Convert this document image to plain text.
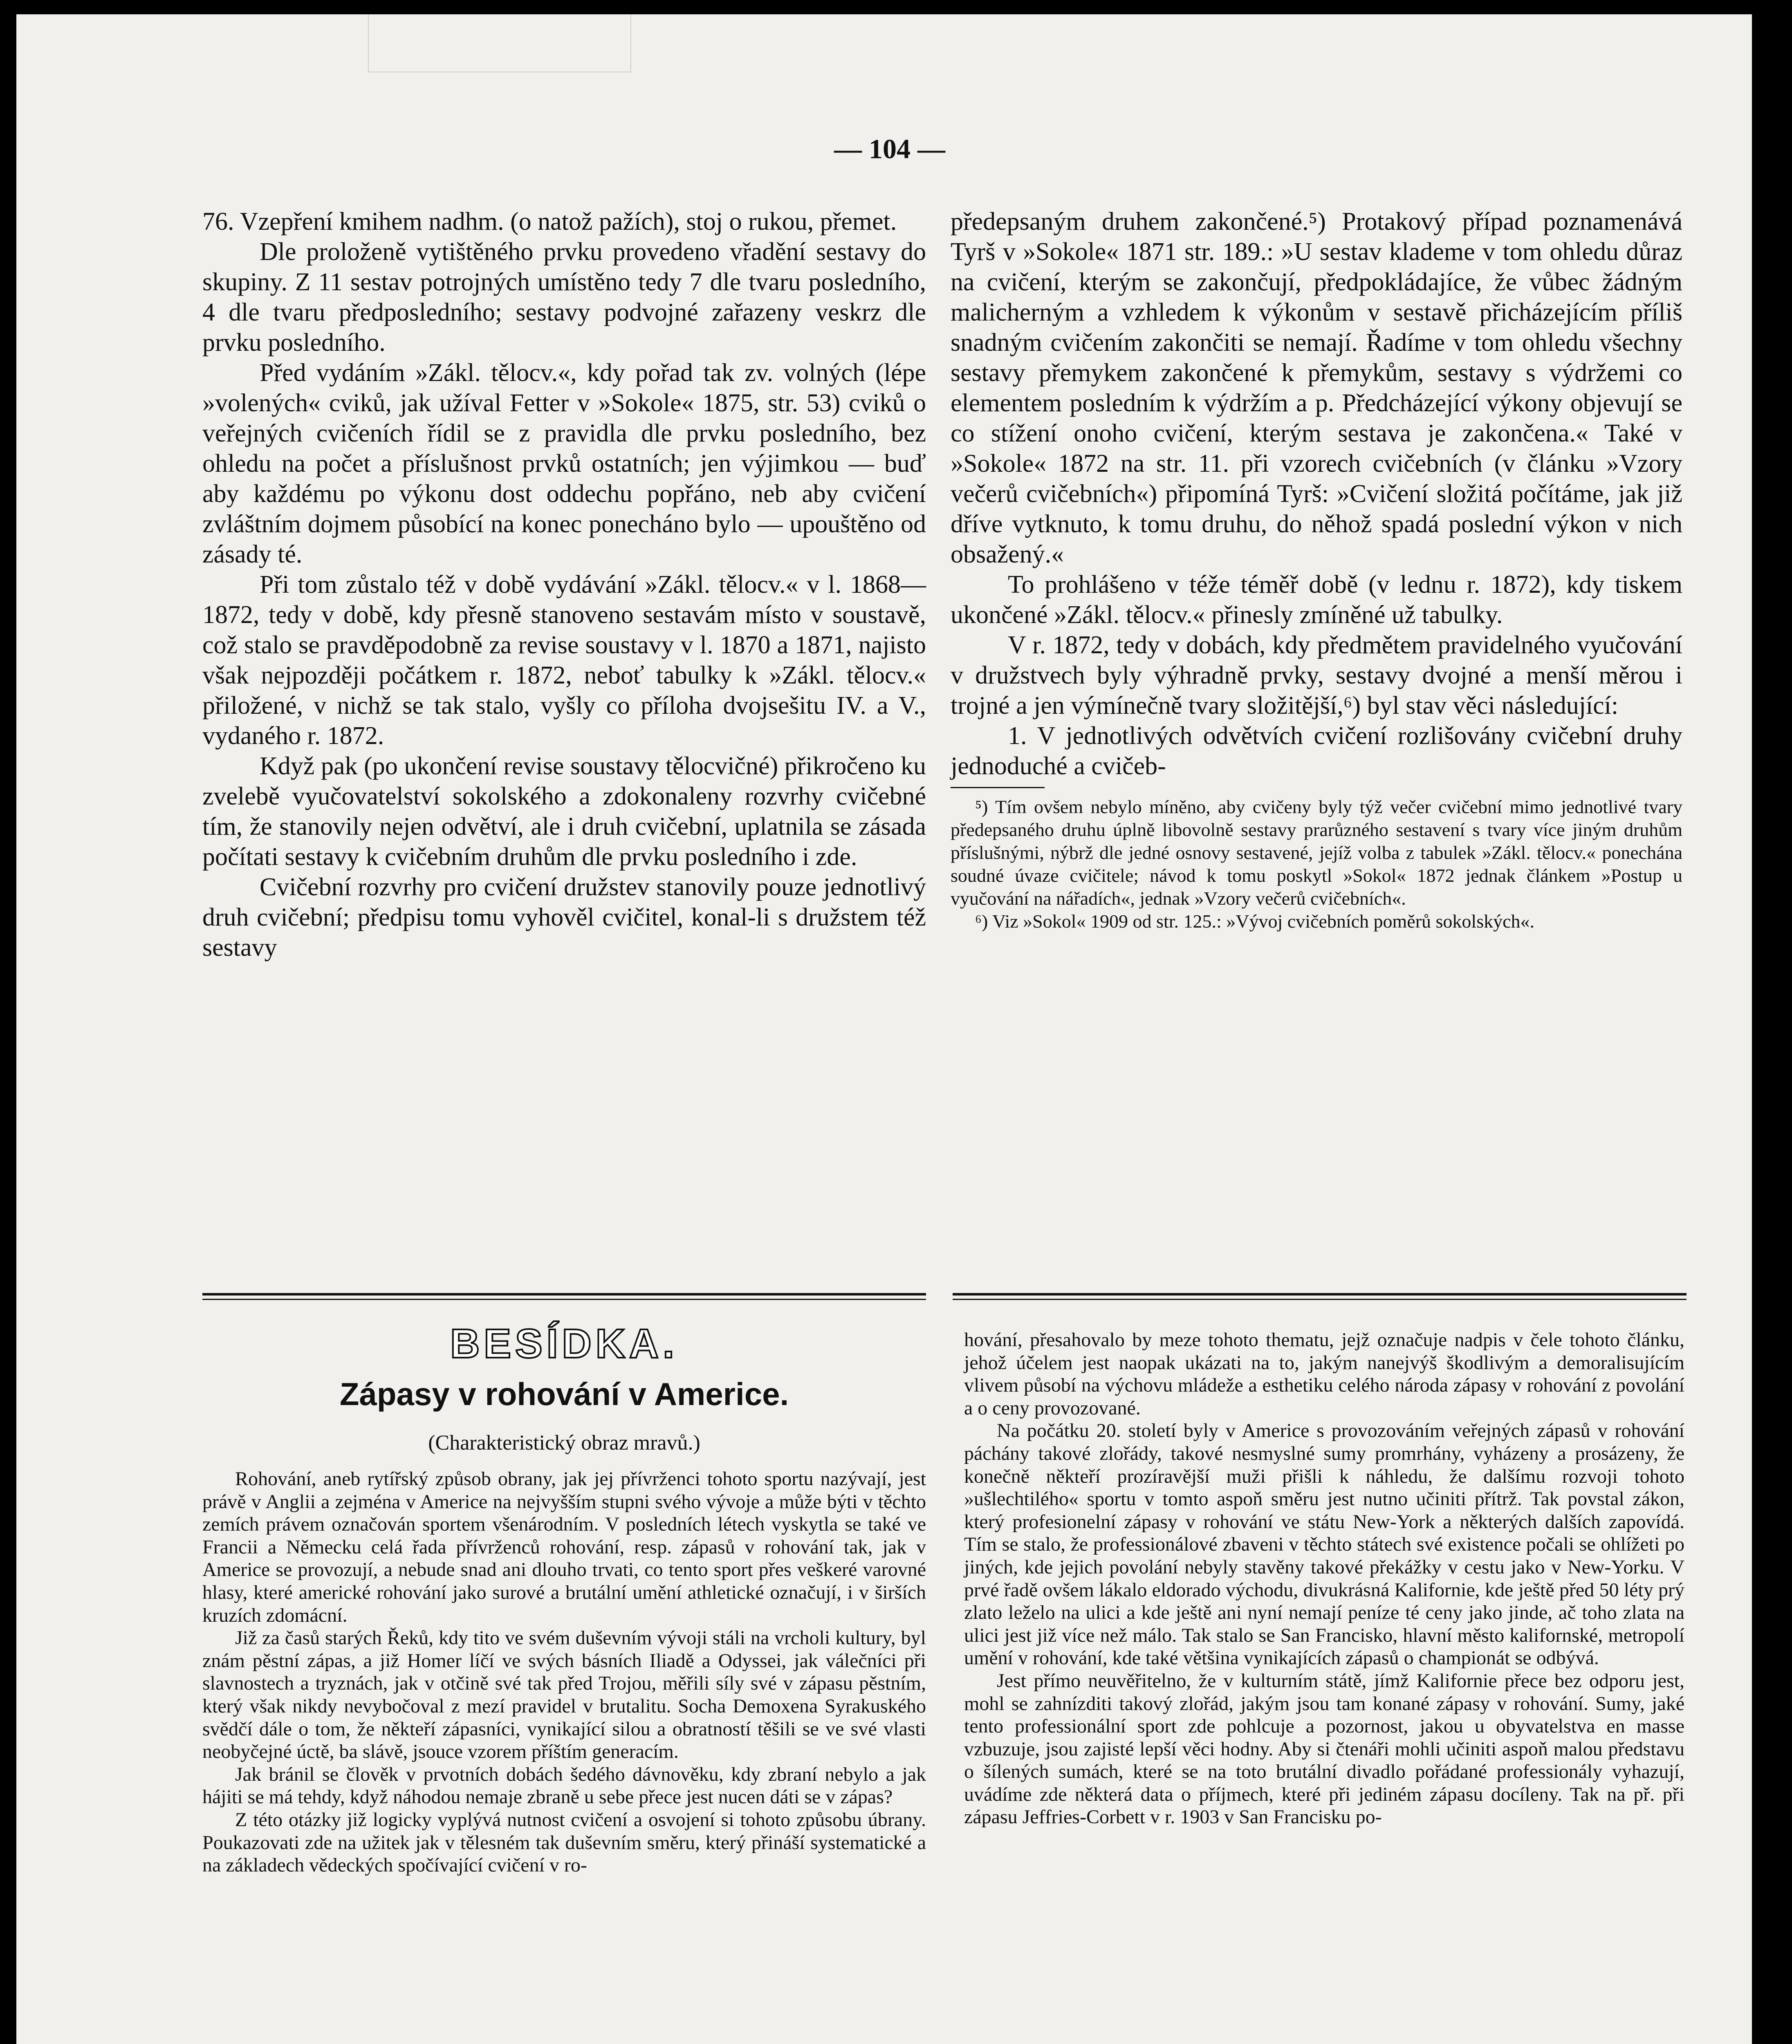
— 104 —

76. Vzepření kmihem nadhm. (o natož pažích), stoj o rukou, přemet.

Dle proloženě vytištěného prvku provedeno vřadění sestavy do skupiny. Z 11 sestav potrojných umístěno tedy 7 dle tvaru posledního, 4 dle tvaru předposledního; sestavy podvojné zařazeny veskrz dle prvku posledního.

Před vydáním »Zákl. tělocv.«, kdy pořad tak zv. volných (lépe »volených« cviků, jak užíval Fetter v »Sokole« 1875, str. 53) cviků o veřejných cvičeních řídil se z pravidla dle prvku posledního, bez ohledu na počet a příslušnost prvků ostatních; jen výjimkou — buď aby každému po výkonu dost oddechu popřáno, neb aby cvičení zvláštním dojmem působící na konec ponecháno bylo — upouštěno od zásady té.

Při tom zůstalo též v době vydávání »Zákl. tělocv.« v l. 1868—1872, tedy v době, kdy přesně stanoveno sestavám místo v soustavě, což stalo se pravděpodobně za revise soustavy v l. 1870 a 1871, najisto však nejpozději počátkem r. 1872, neboť tabulky k »Zákl. tělocv.« přiložené, v nichž se tak stalo, vyšly co příloha dvojsešitu IV. a V., vydaného r. 1872.

Když pak (po ukončení revise soustavy tělocvičné) přikročeno ku zvelebě vyučovatelství sokolského a zdokonaleny rozvrhy cvičebné tím, že stanovily nejen odvětví, ale i druh cvičební, uplatnila se zásada počítati sestavy k cvičebním druhům dle prvku posledního i zde.

Cvičební rozvrhy pro cvičení družstev stanovily pouze jednotlivý druh cvičební; předpisu tomu vyhověl cvičitel, konal-li s družstem též sestavy

předepsaným druhem zakončené.⁵) Protakový případ poznamenává Tyrš v »Sokole« 1871 str. 189.: »U sestav klademe v tom ohledu důraz na cvičení, kterým se zakončují, předpokládajíce, že vůbec žádným malicherným a vzhledem k výkonům v sestavě přicházejícím příliš snadným cvičením zakončiti se nemají. Řadíme v tom ohledu všechny sestavy přemykem zakončené k přemykům, sestavy s výdržemi co elementem posledním k výdržím a p. Předcházející výkony objevují se co stížení onoho cvičení, kterým sestava je zakončena.« Také v »Sokole« 1872 na str. 11. při vzorech cvičebních (v článku »Vzory večerů cvičebních«) připomíná Tyrš: »Cvičení složitá počítáme, jak již dříve vytknuto, k tomu druhu, do něhož spadá poslední výkon v nich obsažený.«

To prohlášeno v téže téměř době (v lednu r. 1872), kdy tiskem ukončené »Zákl. tělocv.« přinesly zmíněné už tabulky.

V r. 1872, tedy v dobách, kdy předmětem pravidelného vyučování v družstvech byly výhradně prvky, sestavy dvojné a menší měrou i trojné a jen výmínečně tvary složitější,⁶) byl stav věci následující:

1. V jednotlivých odvětvích cvičení rozlišovány cvičební druhy jednoduché a cvičeb-

⁵) Tím ovšem nebylo míněno, aby cvičeny byly týž večer cvičební mimo jednotlivé tvary předepsaného druhu úplně libovolně sestavy prarůzného sestavení s tvary více jiným druhům příslušnými, nýbrž dle jedné osnovy sestavené, jejíž volba z tabulek »Zákl. tělocv.« ponechána soudné úvaze cvičitele; návod k tomu poskytl »Sokol« 1872 jednak článkem »Postup u vyučování na nářadích«, jednak »Vzory večerů cvičebních«.

⁶) Viz »Sokol« 1909 od str. 125.: »Vývoj cvičebních poměrů sokolských«.

BESÍDKA.
Zápasy v rohování v Americe.
(Charakteristický obraz mravů.)

Rohování, aneb rytířský způsob obrany, jak jej přívrženci tohoto sportu nazývají, jest právě v Anglii a zejména v Americe na nejvyšším stupni svého vývoje a může býti v těchto zemích právem označován sportem všenárodním. V posledních létech vyskytla se také ve Francii a Německu celá řada přívrženců rohování, resp. zápasů v rohování tak, jak v Americe se provozují, a nebude snad ani dlouho trvati, co tento sport přes veškeré varovné hlasy, které americké rohování jako surové a brutální umění athletické označují, i v širších kruzích zdomácní.

Již za časů starých Řeků, kdy tito ve svém duševním vývoji stáli na vrcholi kultury, byl znám pěstní zápas, a již Homer líčí ve svých básních Iliadě a Odyssei, jak válečníci při slavnostech a tryznách, jak v otčině své tak před Trojou, měřili síly své v zápasu pěstním, který však nikdy nevybočoval z mezí pravidel v brutalitu. Socha Demoxena Syrakuského svědčí dále o tom, že někteří zápasníci, vynikající silou a obratností těšili se ve své vlasti neobyčejné úctě, ba slávě, jsouce vzorem příštím generacím.

Jak bránil se člověk v prvotních dobách šedého dávnověku, kdy zbraní nebylo a jak hájiti se má tehdy, když náhodou nemaje zbraně u sebe přece jest nucen dáti se v zápas?

Z této otázky již logicky vyplývá nutnost cvičení a osvojení si tohoto způsobu úbrany. Poukazovati zde na užitek jak v tělesném tak duševním směru, který přináší systematické a na základech vědeckých spočívající cvičení v ro-

hování, přesahovalo by meze tohoto thematu, jejž označuje nadpis v čele tohoto článku, jehož účelem jest naopak ukázati na to, jakým nanejvýš škodlivým a demoralisujícím vlivem působí na výchovu mládeže a esthetiku celého národa zápasy v rohování z povolání a o ceny provozované.

Na počátku 20. století byly v Americe s provozováním veřejných zápasů v rohování páchány takové zlořády, takové nesmyslné sumy promrhány, vyházeny a prosázeny, že konečně někteří prozíravější muži přišli k náhledu, že dalšímu rozvoji tohoto »ušlechtilého« sportu v tomto aspoň směru jest nutno učiniti přítrž. Tak povstal zákon, který profesionelní zápasy v rohování ve státu New-York a některých dalších zapovídá. Tím se stalo, že professionálové zbaveni v těchto státech své existence počali se ohlížeti po jiných, kde jejich povolání nebyly stavěny takové překážky v cestu jako v New-Yorku. V prvé řadě ovšem lákalo eldorado východu, divukrásná Kalifornie, kde ještě před 50 léty prý zlato leželo na ulici a kde ještě ani nyní nemají peníze té ceny jako jinde, ač toho zlata na ulici jest již více než málo. Tak stalo se San Francisko, hlavní město kalifornské, metropolí umění v rohování, kde také většina vynikajících zápasů o championát se odbývá.

Jest přímo neuvěřitelno, že v kulturním státě, jímž Kalifornie přece bez odporu jest, mohl se zahnízditi takový zlořád, jakým jsou tam konané zápasy v rohování. Sumy, jaké tento professionální sport zde pohlcuje a pozornost, jakou u obyvatelstva en masse vzbuzuje, jsou zajisté lepší věci hodny. Aby si čtenáři mohli učiniti aspoň malou představu o šílených sumách, které se na toto brutální divadlo pořádané professionály vyhazují, uvádíme zde některá data o příjmech, které při jediném zápasu docíleny. Tak na př. při zápasu Jeffries-Corbett v r. 1903 v San Francisku po-
